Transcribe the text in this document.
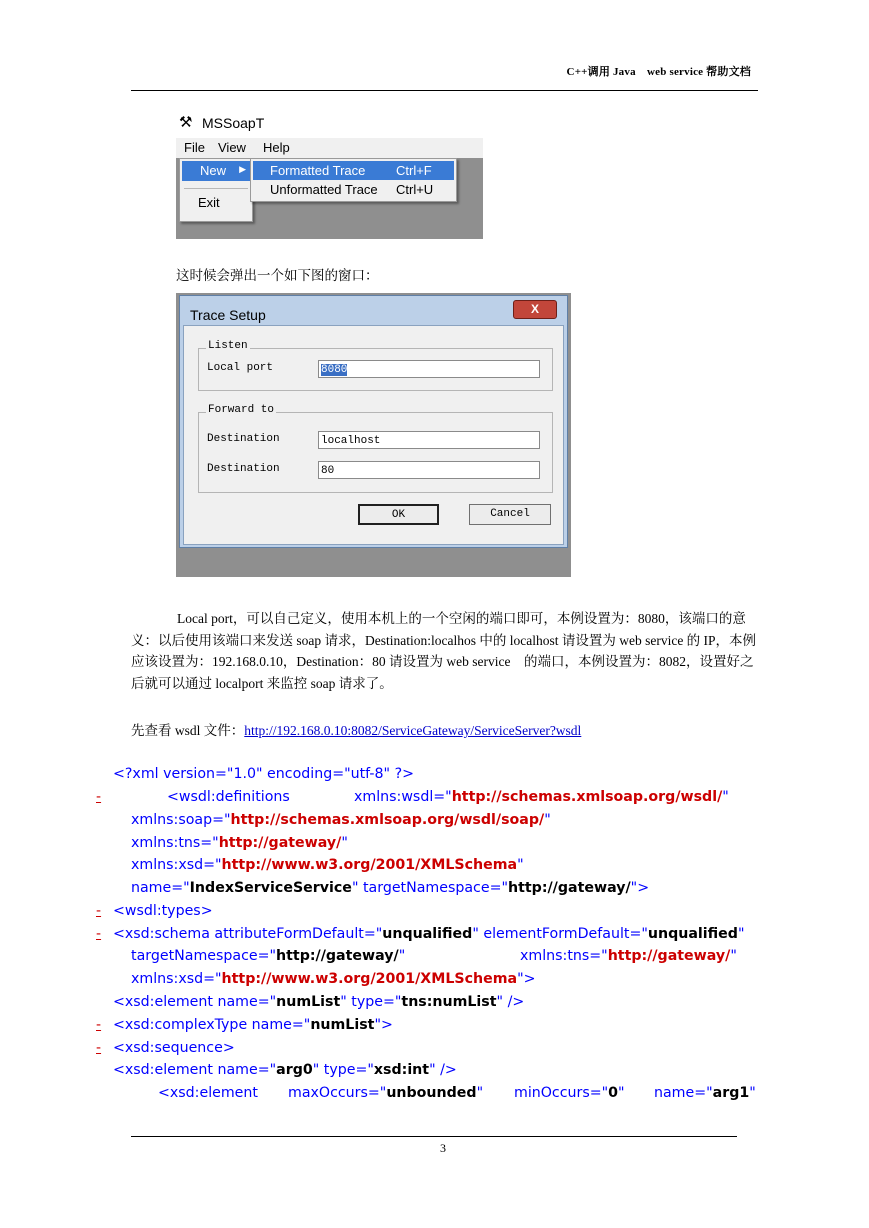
C++调用 Java　web service 帮助文档
⚒ MSSoapT
File View Help
New ▶
Exit
Formatted Trace Ctrl+F
Unformatted Trace Ctrl+U
这时候会弹出一个如下图的窗口：
Trace Setup	X
Listen
Local port	8080
Forward to
Destination	localhost
Destination	80
OK	Cancel
Local port，可以自己定义，使用本机上的一个空闲的端口即可，本例设置为：8080，该端口的意义：以后使用该端口来发送 soap 请求，Destination:localhos 中的 localhost 请设置为 web service 的 IP，本例应该设置为：192.168.0.10，Destination：80 请设置为 web service　的端口，本例设置为：8082，设置好之后就可以通过 localport 来监控 soap 请求了。
先查看 wsdl 文件：http://192.168.0.10:8082/ServiceGateway/ServiceServer?wsdl
<?xml version="1.0" encoding="utf-8" ?>
-	<wsdl:definitions	xmlns:wsdl="http://schemas.xmlsoap.org/wsdl/"
xmlns:soap="http://schemas.xmlsoap.org/wsdl/soap/"
xmlns:tns="http://gateway/"
xmlns:xsd="http://www.w3.org/2001/XMLSchema"
name="IndexServiceService" targetNamespace="http://gateway/">
- <wsdl:types>
- <xsd:schema attributeFormDefault="unqualified" elementFormDefault="unqualified"
targetNamespace="http://gateway/"	xmlns:tns="http://gateway/"
xmlns:xsd="http://www.w3.org/2001/XMLSchema">
<xsd:element name="numList" type="tns:numList" />
- <xsd:complexType name="numList">
- <xsd:sequence>
<xsd:element name="arg0" type="xsd:int" />
<xsd:element maxOccurs="unbounded" minOccurs="0" name="arg1"
3
